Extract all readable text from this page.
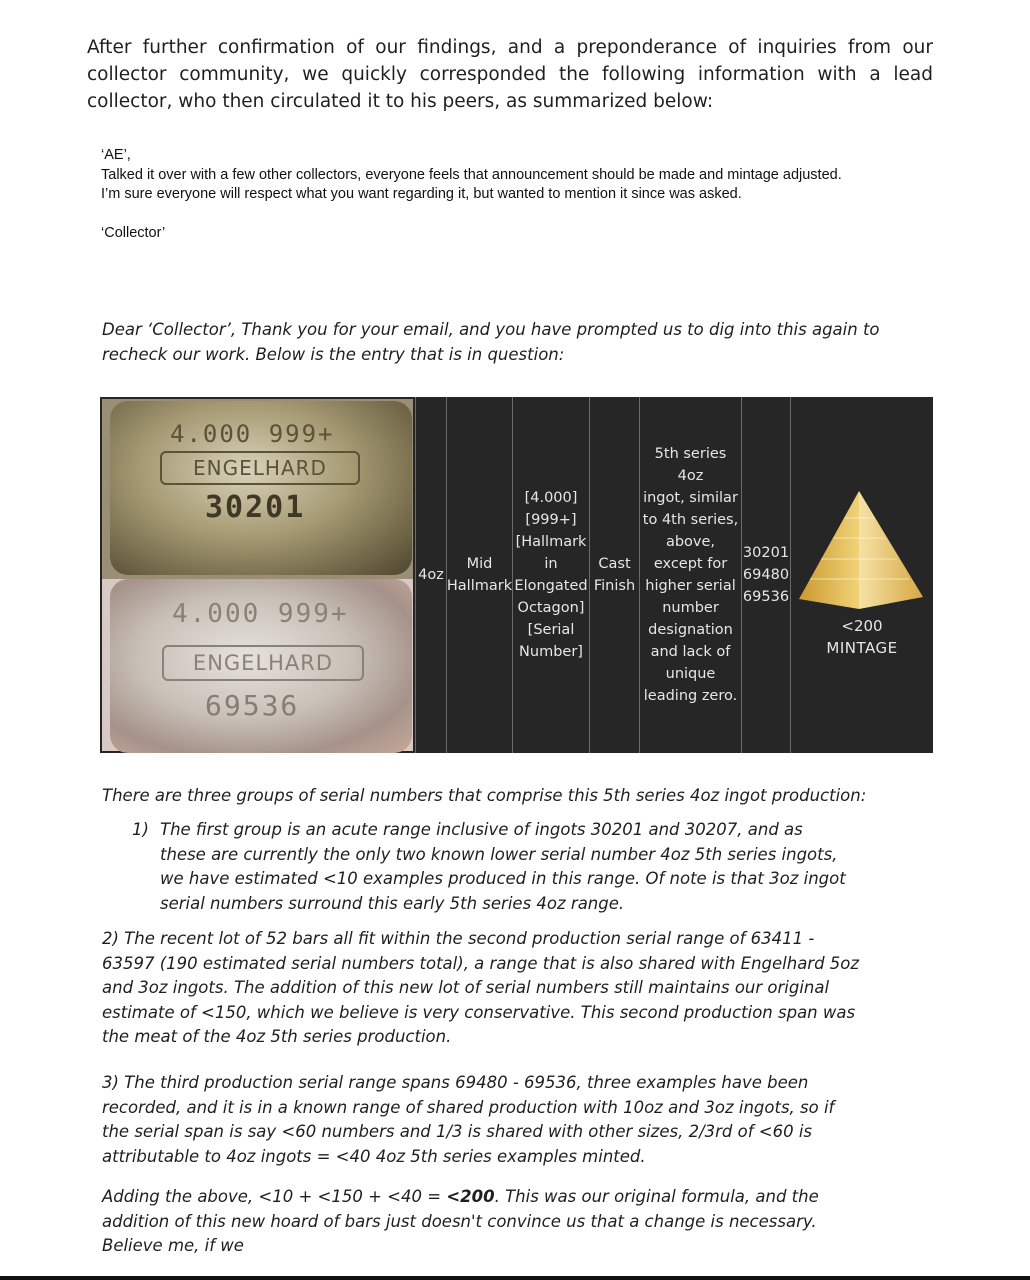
After further confirmation of our findings, and a preponderance of inquiries from our collector community, we quickly corresponded the following information with a lead collector, who then circulated it to his peers, as summarized below:

‘AE’,

Talked it over with a few other collectors, everyone feels that announcement should be made and mintage adjusted.

I’m sure everyone will respect what you want regarding it, but wanted to mention it since was asked.

‘Collector’

Dear ‘Collector’, Thank you for your email, and you have prompted us to dig into this again to recheck our work. Below is the entry that is in question:

4.000 999+
ENGELHARD
30201
4.000 999+
ENGELHARD
69536
4oz
Mid
Hallmark
[4.000]
[999+]
[Hallmark
in
Elongated
Octagon]
[Serial
Number]
Cast
Finish
5th series 4oz
ingot, similar
to 4th series,
above,
except for
higher serial
number
designation
and lack of
unique
leading zero.
30201
69480
69536
<200
MINTAGE

There are three groups of serial numbers that comprise this 5th series 4oz ingot production:

1) The first group is an acute range inclusive of ingots 30201 and 30207, and as these are currently the only two known lower serial number 4oz 5th series ingots, we have estimated <10 examples produced in this range. Of note is that 3oz ingot serial numbers surround this early 5th series 4oz range.

2) The recent lot of 52 bars all fit within the second production serial range of 63411 - 63597 (190 estimated serial numbers total), a range that is also shared with Engelhard 5oz and 3oz ingots. The addition of this new lot of serial numbers still maintains our original estimate of <150, which we believe is very conservative. This second production span was the meat of the 4oz 5th series production.

3) The third production serial range spans 69480 - 69536, three examples have been recorded, and it is in a known range of shared production with 10oz and 3oz ingots, so if the serial span is say <60 numbers and 1/3 is shared with other sizes, 2/3rd of <60 is attributable to 4oz ingots = <40 4oz 5th series examples minted.

Adding the above, <10 + <150 + <40 = <200. This was our original formula, and the addition of this new hoard of bars just doesn't convince us that a change is necessary. Believe me, if we
